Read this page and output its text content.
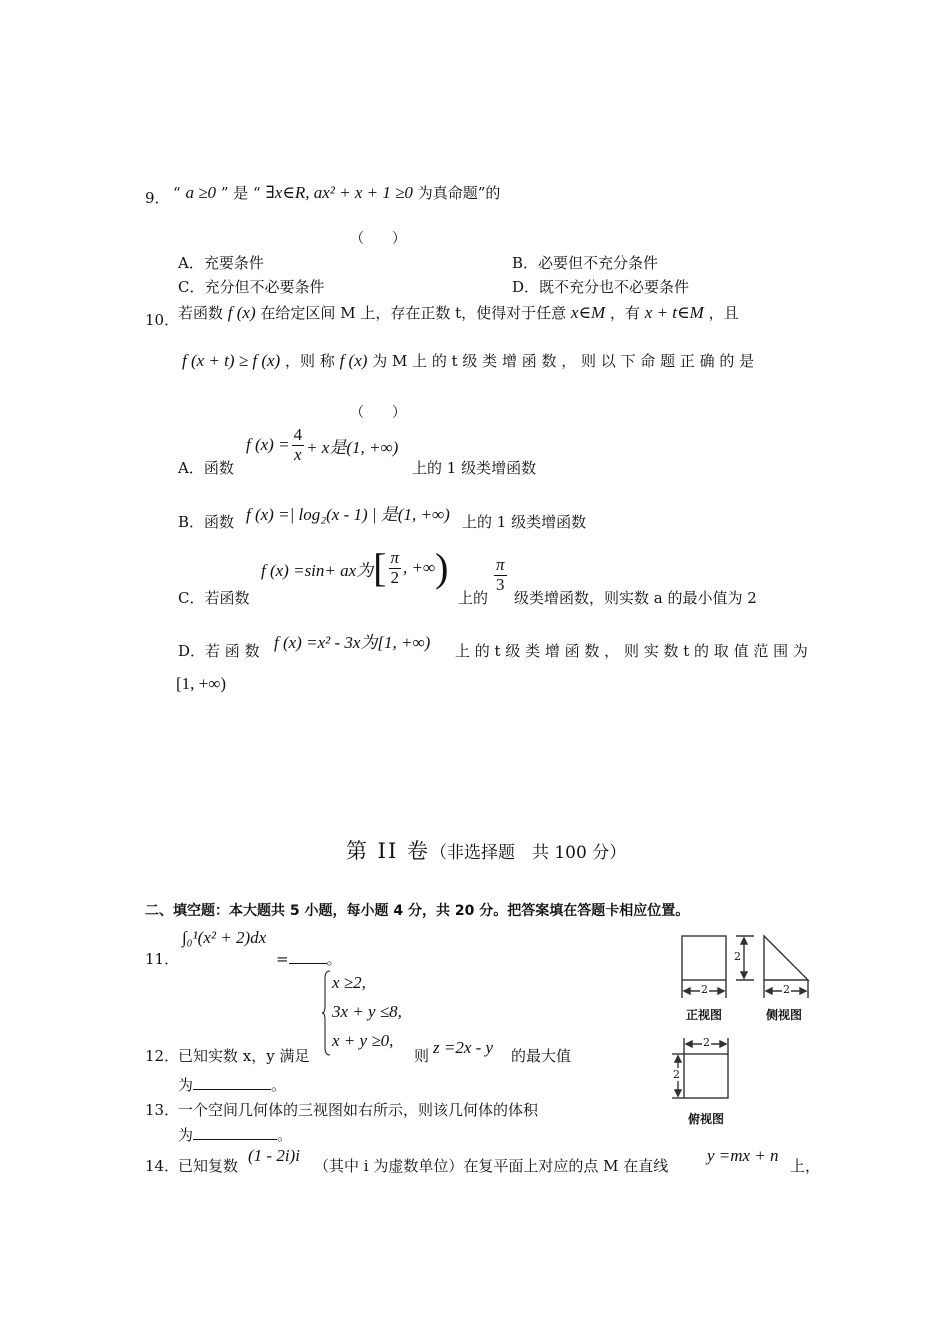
9． “ a ≥0 ” 是 “ ∃x∈R, ax² + x + 1 ≥0 为真命题”的
（　　）
A．充要条件	B．必要但不充分条件
C．充分但不必要条件	D．既不充分也不必要条件
10．
若函数 f (x) 在给定区间 M 上，存在正数 t，使得对于任意 x∈M ，有 x + t∈M ，且
f (x + t) ≥ f (x) ，则 称 f (x) 为 M 上 的 t 级 类 增 函 数 ， 则 以 下 命 题 正 确 的 是
（　　）
A．函数
f $(x) = \frac{4}{x} + x$是(1, +∞)
上的 1 级类增函数
B．函数 f (x) =| log₂(x - 1) | 是(1, +∞) 上的 1 级类增函数
C．若函数
f (x) =sin+ ax为 [ $\frac{\pi}{2}$ , +∞ )
上的
$\frac{\pi}{3}$
级类增函数，则实数 a 的最小值为 2
D．若 函 数 f (x) =x² - 3x为[1, +∞) 上 的 t 级 类 增 函 数 ， 则 实 数 t 的 取 值 范 围 为
[1, +∞)
第 II 卷（非选择题　共 100 分）
二、填空题：本大题共 5 小题，每小题 4 分，共 20 分。把答案填在答题卡相应位置。
11．
∫₀¹(x² + 2)dx
=	。
x ≥2,
3x + y ≤8,
x + y ≥0,
12．
已知实数 x，y 满足	则 z =2x - y 的最大值
为	。
13．
一个空间几何体的三视图如右所示，则该几何体的体积
为	。
14．
已知复数
(1 - 2i)i
（其中 i 为虚数单位）在复平面上对应的点 M 在直线
y =mx + n
上，
2
2
2
2
2
正视图	侧视图
俯视图
